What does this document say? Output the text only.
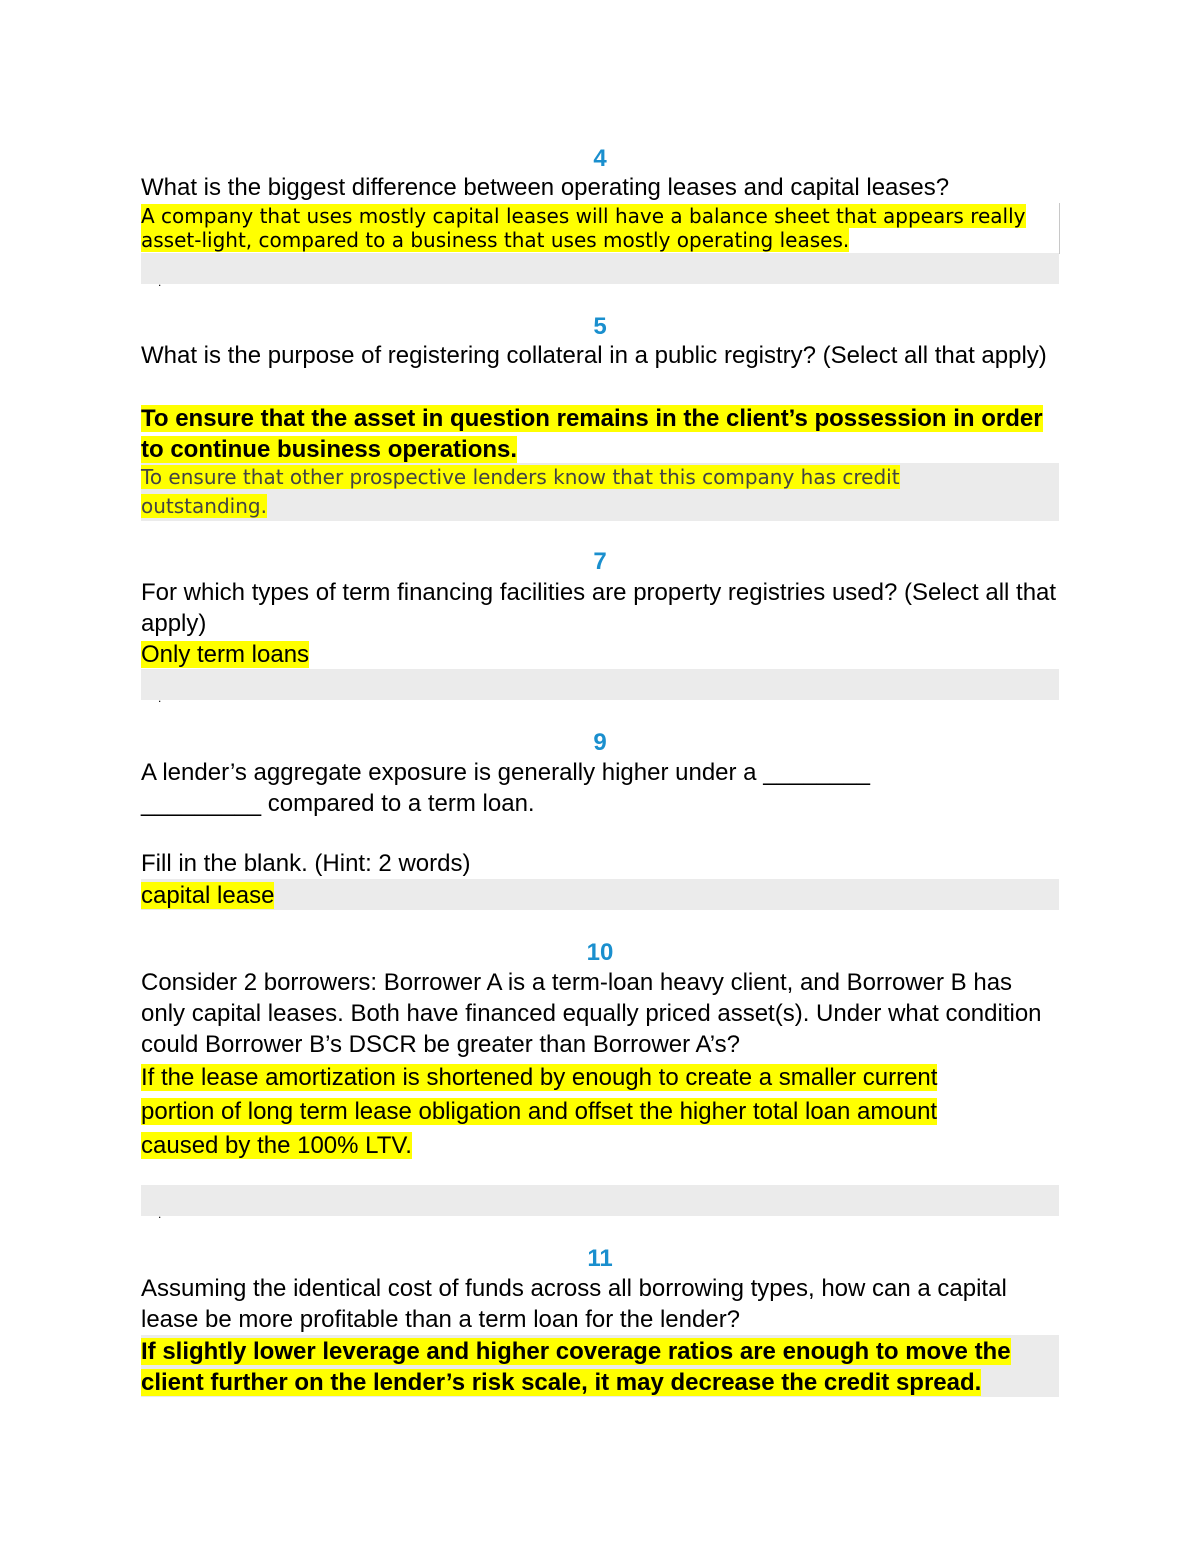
4
What is the biggest difference between operating leases and capital leases?
A company that uses mostly capital leases will have a balance sheet that appears really asset-light, compared to a business that uses mostly operating leases.
.
5
What is the purpose of registering collateral in a public registry? (Select all that apply)
To ensure that the asset in question remains in the client’s possession in order to continue business operations.
To ensure that other prospective lenders know that this company has credit outstanding.
7
For which types of term financing facilities are property registries used? (Select all that apply)
Only term loans
.
9
A lender’s aggregate exposure is generally higher under a ________
_________ compared to a term loan.
Fill in the blank. (Hint: 2 words)
capital lease
10
Consider 2 borrowers: Borrower A is a term-loan heavy client, and Borrower B has only capital leases. Both have financed equally priced asset(s). Under what condition could Borrower B’s DSCR be greater than Borrower A’s?
If the lease amortization is shortened by enough to create a smaller current
portion of long term lease obligation and offset the higher total loan amount
caused by the 100% LTV.
.
11
Assuming the identical cost of funds across all borrowing types, how can a capital lease be more profitable than a term loan for the lender?
If slightly lower leverage and higher coverage ratios are enough to move the
client further on the lender’s risk scale, it may decrease the credit spread.
